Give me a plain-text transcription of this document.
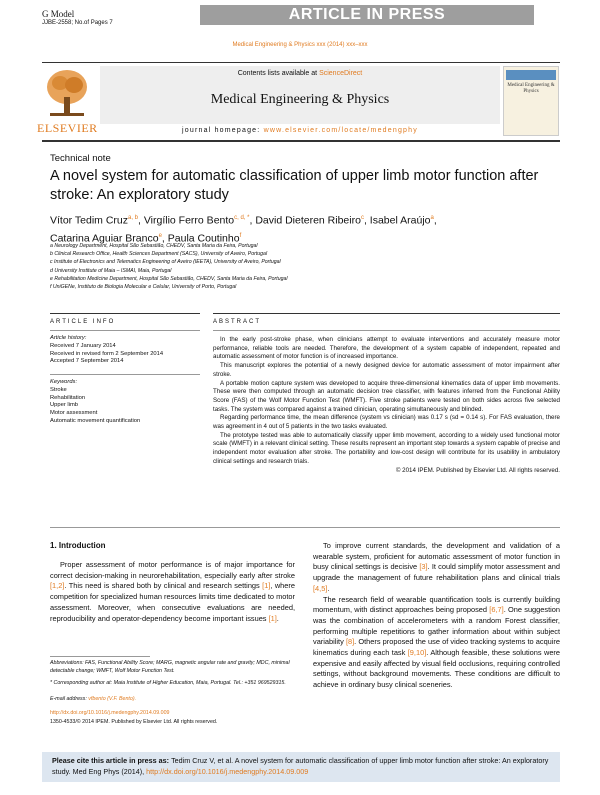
G Model
JJBE-2558; No.of Pages 7	ARTICLE IN PRESS
Medical Engineering & Physics xxx (2014) xxx–xxx
ELSEVIER
Contents lists available at ScienceDirect
Medical Engineering & Physics
Medical Engineering & Physics
journal homepage: www.elsevier.com/locate/medengphy
Technical note
A novel system for automatic classification of upper limb motor function after stroke: An exploratory study
Vítor Tedim Cruz$^{a, b}$, Virgílio Ferro Bento$^{c, d, *}$, David Dieteren Ribeiro$^c$, Isabel Araújo$^a$,
Catarina Aguiar Branco$^e$, Paula Coutinho$^f$
a Neurology Department, Hospital São Sebastião, CHEDV, Santa Maria da Feira, Portugal
b Clinical Research Office, Health Sciences Department (SACS), University of Aveiro, Portugal
c Institute of Electronics and Telematics Engineering of Aveiro (IEETA), University of Aveiro, Portugal
d University Institute of Maia – ISMAI, Maia, Portugal
e Rehabilitation Medicine Department, Hospital São Sebastião, CHEDV, Santa Maria da Feira, Portugal
f UniGENe, Instituto de Biologia Molecular e Celular, University of Porto, Portugal
ARTICLE INFO
Article history:
Received 7 January 2014
Received in revised form 2 September 2014
Accepted 7 September 2014
Keywords:
Stroke
Rehabilitation
Upper limb
Motor assessment
Automatic movement quantification
ABSTRACT

In the early post-stroke phase, when clinicians attempt to evaluate interventions and accurately measure motor performance, reliable tools are needed. Therefore, the development of a system capable of independent, repeated and automatic assessment of motor function is of increased importance.

This manuscript explores the potential of a newly designed device for automatic assessment of motor impairment after stroke.

A portable motion capture system was developed to acquire three-dimensional kinematics data of upper limb movements. These were then computed through an automatic decision tree classifier, with features inferred from the Functional Ability Score (FAS) of the Wolf Motor Function Test (WMFT). Five stroke patients were tested on both sides across five selected tasks. The system was compared against a trained clinician, operating simultaneously and blinded.

Regarding performance time, the mean difference (system vs clinician) was 0.17 s (sd = 0.14 s). For FAS evaluation, there was agreement in 4 out of 5 patients in the two tasks evaluated.

The prototype tested was able to automatically classify upper limb movement, according to a widely used functional motor scale (WMFT) in a relevant clinical setting. These results represent an important step towards a system capable of precise and independent motor evaluation after stroke. The portability and low-cost design will contribute for its usability in ambulatory clinical settings and research trials.

© 2014 IPEM. Published by Elsevier Ltd. All rights reserved.

1. Introduction

Proper assessment of motor performance is of major importance for correct decision-making in neurorehabilitation, especially early after stroke [1,2]. This need is shared both by clinical and research settings [1], where competition for specialized human resources limits time dedicated to motor assessment. Moreover, when consecutive evaluations are needed, reproducibility and operator-dependency become important issues [1].

To improve current standards, the development and validation of a wearable system, proficient for automatic assessment of motor function in busy clinical settings is decisive [3]. It could simplify motor assessment and upgrade the management of future rehabilitation plans and clinical trials [4,5].

The research field of wearable quantification tools is currently building momentum, with distinct approaches being proposed [6,7]. One suggestion was the combination of accelerometers with a random Forest classifier, performing multiple repetitions to gather information about within subject variability [8]. Others proposed the use of video tracking systems to acquire kinematics during each task [9,10]. Although feasible, these solutions were expensive and easily affected by visual field occlusions, requiring controlled settings, without background movements. These conditions are difficult to achieve in ordinary busy clinical sceneries.

Abbreviations: FAS, Functional Ability Score; MARG, magnetic angular rate and gravity; MDC, minimal detectable change; WMFT, Wolf Motor Function Test.
* Corresponding author at: Maia Institute of Higher Education, Maia, Portugal. Tel.: +351 969529315.
E-mail address: vfbento (V.F. Bento).
http://dx.doi.org/10.1016/j.medengphy.2014.09.009
1350-4533/© 2014 IPEM. Published by Elsevier Ltd. All rights reserved.
Please cite this article in press as: Tedim Cruz V, et al. A novel system for automatic classification of upper limb motor function after stroke: An exploratory study. Med Eng Phys (2014), http://dx.doi.org/10.1016/j.medengphy.2014.09.009
